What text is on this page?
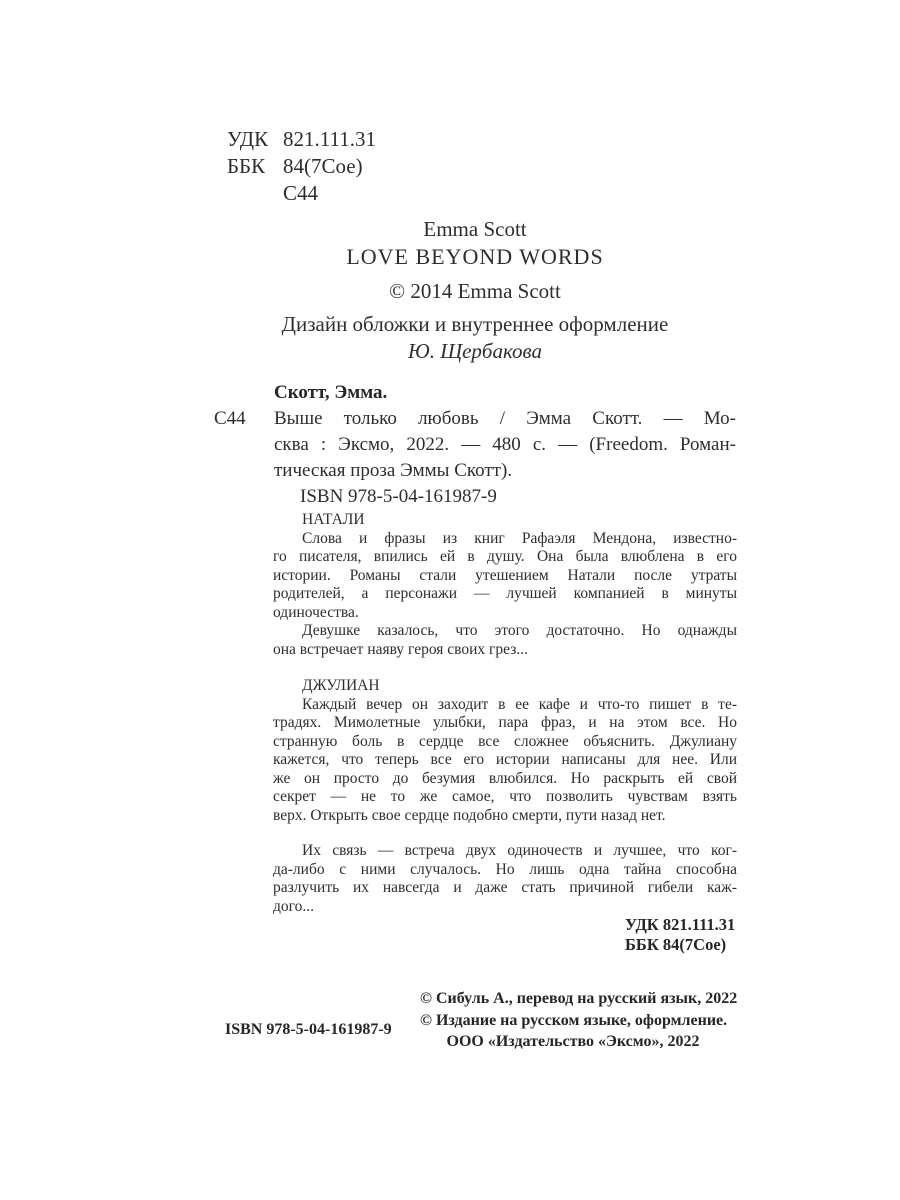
УДК 821.111.31
ББК 84(7Сое)
С44
Emma Scott
LOVE BEYOND WORDS
© 2014 Emma Scott
Дизайн обложки и внутреннее оформление
Ю. Щербакова
Скотт, Эмма.
С44	Выше только любовь / Эмма Скотт. — Мо-
сква : Эксмо, 2022. — 480 с. — (Freedom. Роман-
тическая проза Эммы Скотт).
ISBN 978-5-04-161987-9
НАТАЛИ
Слова и фразы из книг Рафаэля Мендона, известно-
го писателя, впились ей в душу. Она была влюблена в его
истории. Романы стали утешением Натали после утраты
родителей, а персонажи — лучшей компанией в минуты
одиночества.
Девушке казалось, что этого достаточно. Но однажды
она встречает наяву героя своих грез...
ДЖУЛИАН
Каждый вечер он заходит в ее кафе и что-то пишет в те-
традях. Мимолетные улыбки, пара фраз, и на этом все. Но
странную боль в сердце все сложнее объяснить. Джулиану
кажется, что теперь все его истории написаны для нее. Или
же он просто до безумия влюбился. Но раскрыть ей свой
секрет — не то же самое, что позволить чувствам взять
верх. Открыть свое сердце подобно смерти, пути назад нет.
Их связь — встреча двух одиночеств и лучшее, что ког-
да-либо с ними случалось. Но лишь одна тайна способна
разлучить их навсегда и даже стать причиной гибели каж-
дого...
УДК 821.111.31
ББК 84(7Сое)
ISBN 978-5-04-161987-9
© Сибуль А., перевод на русский язык, 2022
© Издание на русском языке, оформление.
ООО «Издательство «Эксмо», 2022
